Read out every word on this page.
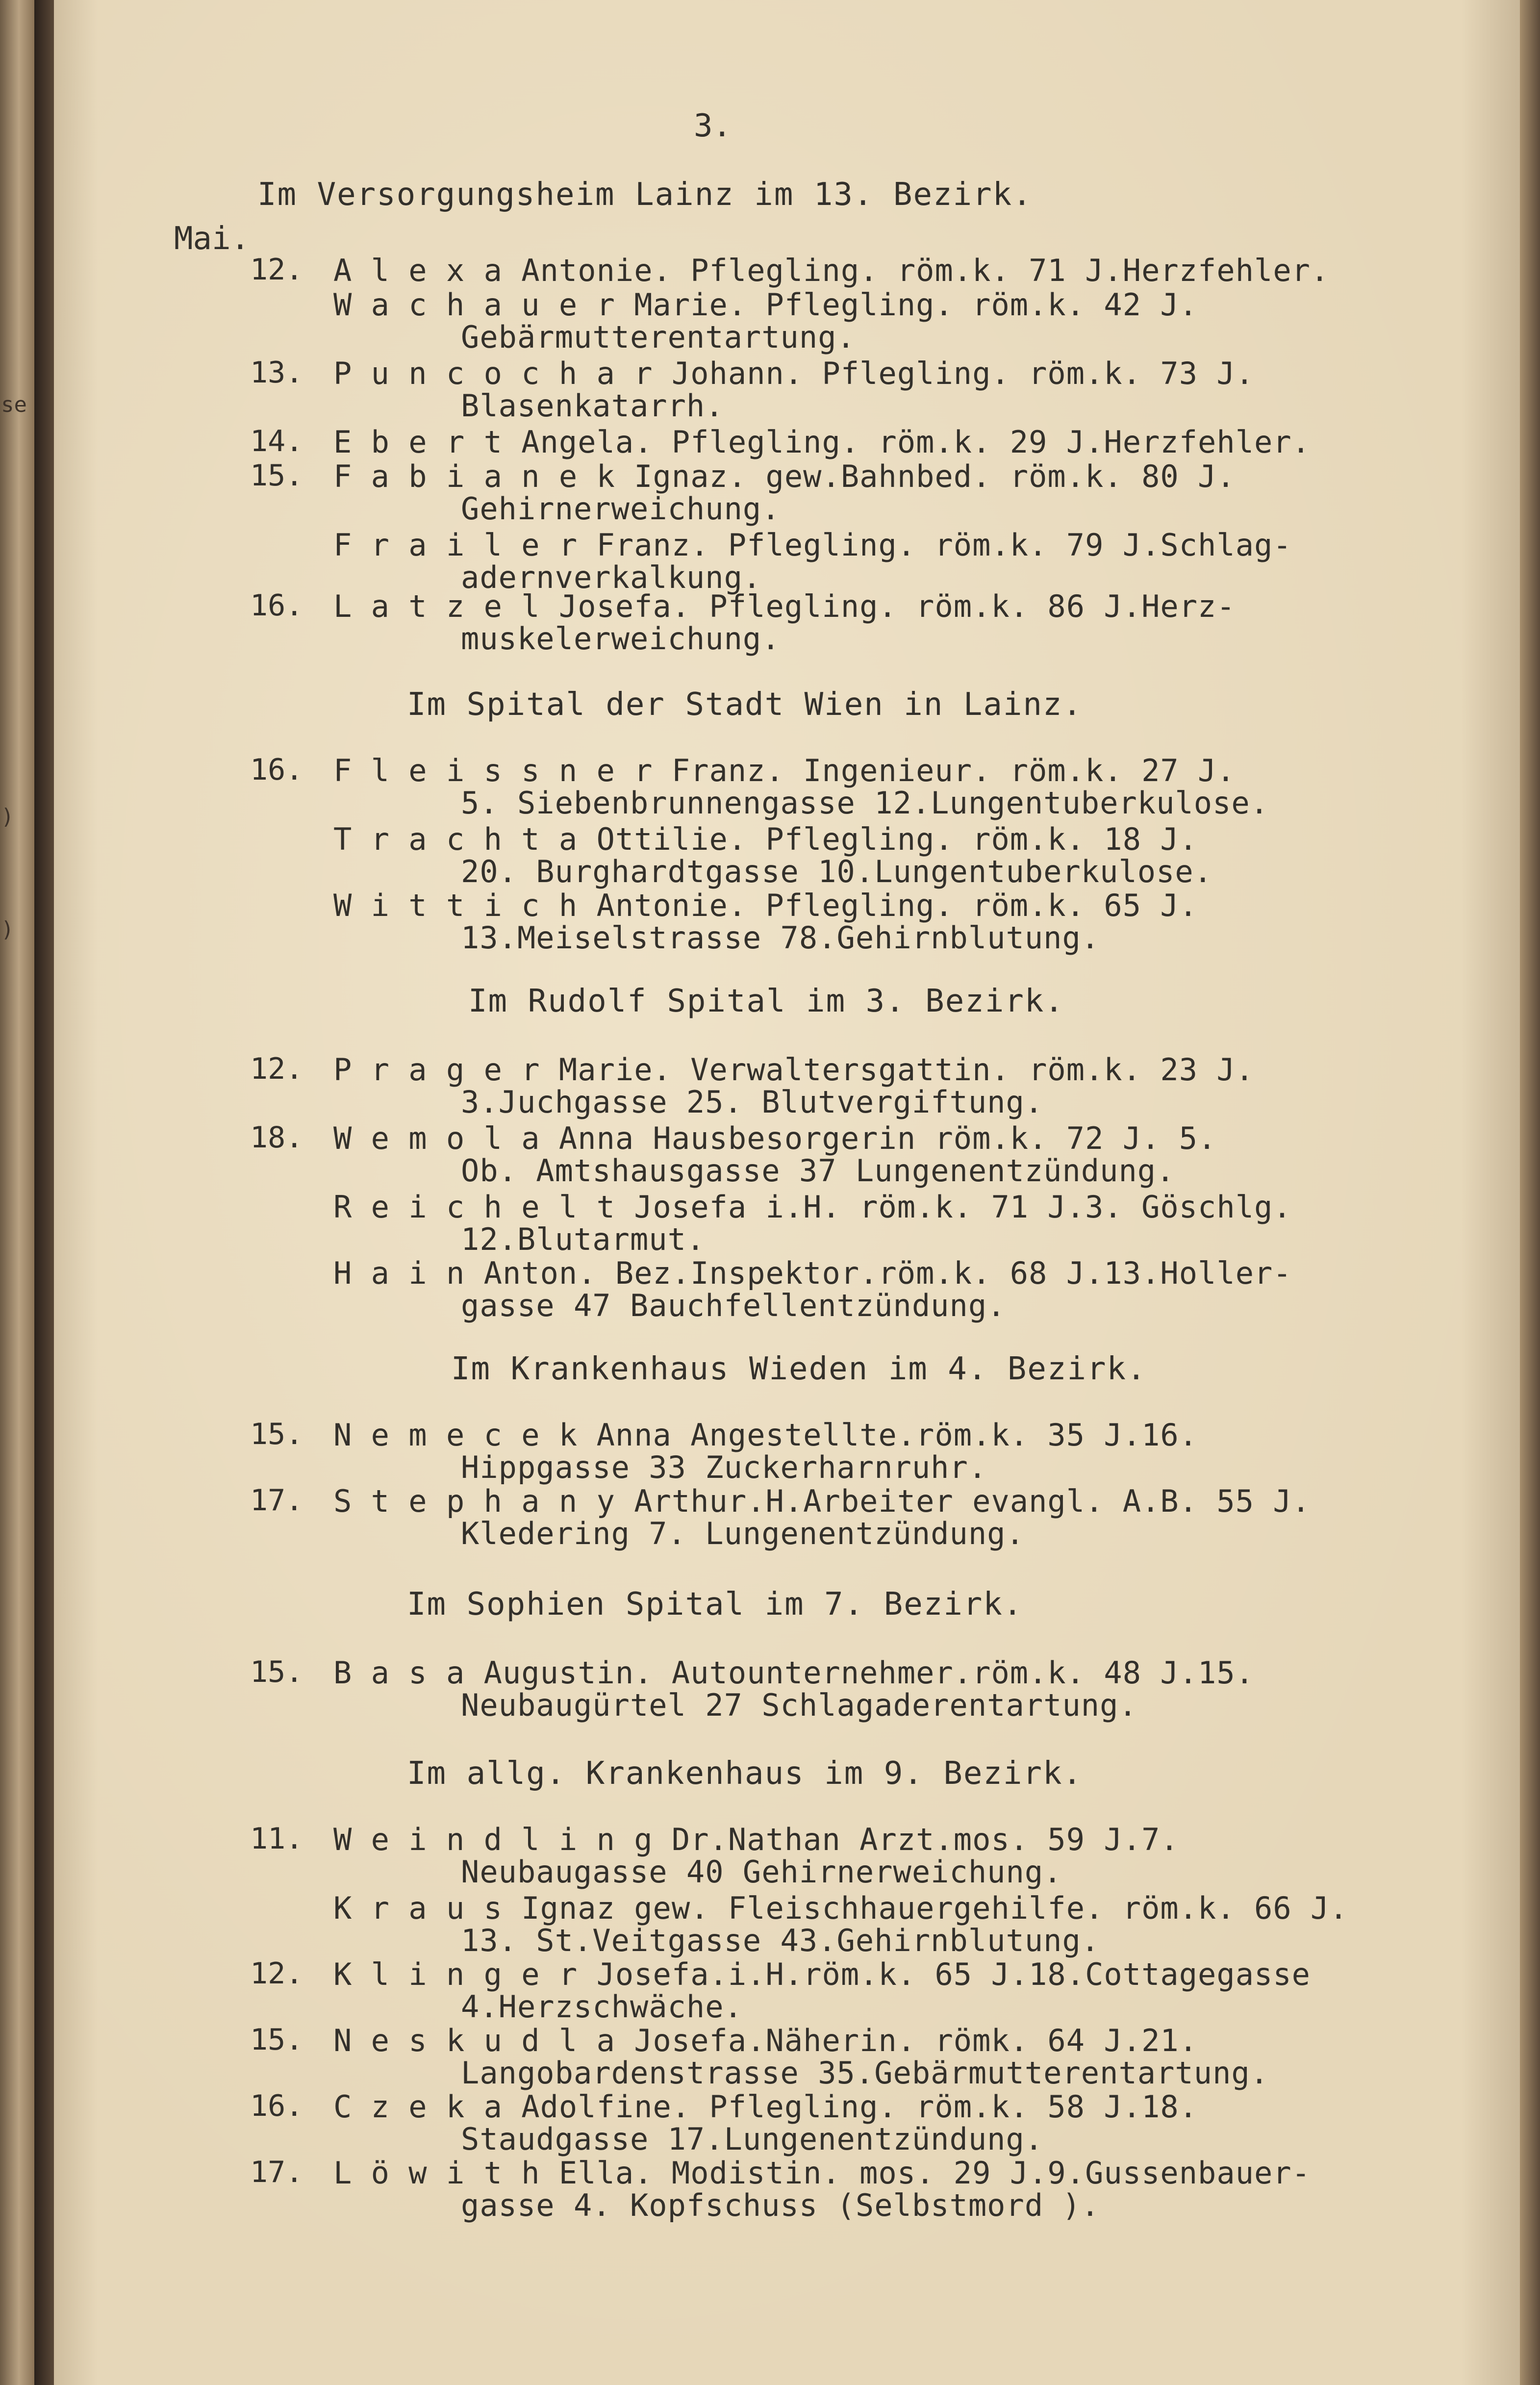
se
)
)
3.
Im Versorgungsheim Lainz im 13. Bezirk.
Mai.
12. A l e x a Antonie. Pflegling. röm.k. 71 J.Herzfehler.
W a c h a u e r Marie. Pflegling. röm.k. 42 J.
Gebärmutterentartung.
13. P u n c o c h a r Johann. Pflegling. röm.k. 73 J.
Blasenkatarrh.
14. E b e r t Angela. Pflegling. röm.k. 29 J.Herzfehler.
15. F a b i a n e k Ignaz. gew.Bahnbed. röm.k. 80 J.
Gehirnerweichung.
F r a i l e r Franz. Pflegling. röm.k. 79 J.Schlag-
adernverkalkung.
16. L a t z e l Josefa. Pflegling. röm.k. 86 J.Herz-
muskelerweichung.
Im Spital der Stadt Wien in Lainz.
16. F l e i s s n e r Franz. Ingenieur. röm.k. 27 J.
5. Siebenbrunnengasse 12.Lungentuberkulose.
T r a c h t a Ottilie. Pflegling. röm.k. 18 J.
20. Burghardtgasse 10.Lungentuberkulose.
W i t t i c h Antonie. Pflegling. röm.k. 65 J.
13.Meiselstrasse 78.Gehirnblutung.
Im Rudolf Spital im 3. Bezirk.
12. P r a g e r Marie. Verwaltersgattin. röm.k. 23 J.
3.Juchgasse 25. Blutvergiftung.
18. W e m o l a Anna Hausbesorgerin röm.k. 72 J. 5.
Ob. Amtshausgasse 37 Lungenentzündung.
R e i c h e l t Josefa i.H. röm.k. 71 J.3. Göschlg.
12.Blutarmut.
H a i n Anton. Bez.Inspektor.röm.k. 68 J.13.Holler-
gasse 47 Bauchfellentzündung.
Im Krankenhaus Wieden im 4. Bezirk.
15. N e m e c e k Anna Angestellte.röm.k. 35 J.16.
Hippgasse 33 Zuckerharnruhr.
17. S t e p h a n y Arthur.H.Arbeiter evangl. A.B. 55 J.
Kledering 7. Lungenentzündung.
Im Sophien Spital im 7. Bezirk.
15. B a s a Augustin. Autounternehmer.röm.k. 48 J.15.
Neubaugürtel 27 Schlagaderentartung.
Im allg. Krankenhaus im 9. Bezirk.
11. W e i n d l i n g Dr.Nathan Arzt.mos. 59 J.7.
Neubaugasse 40 Gehirnerweichung.
K r a u s Ignaz gew. Fleischhauergehilfe. röm.k. 66 J.
13. St.Veitgasse 43.Gehirnblutung.
12. K l i n g e r Josefa.i.H.röm.k. 65 J.18.Cottagegasse
4.Herzschwäche.
15. N e s k u d l a Josefa.Näherin. römk. 64 J.21.
Langobardenstrasse 35.Gebärmutterentartung.
16. C z e k a Adolfine. Pflegling. röm.k. 58 J.18.
Staudgasse 17.Lungenentzündung.
17. L ö w i t h Ella. Modistin. mos. 29 J.9.Gussenbauer-
gasse 4. Kopfschuss (Selbstmord ).
